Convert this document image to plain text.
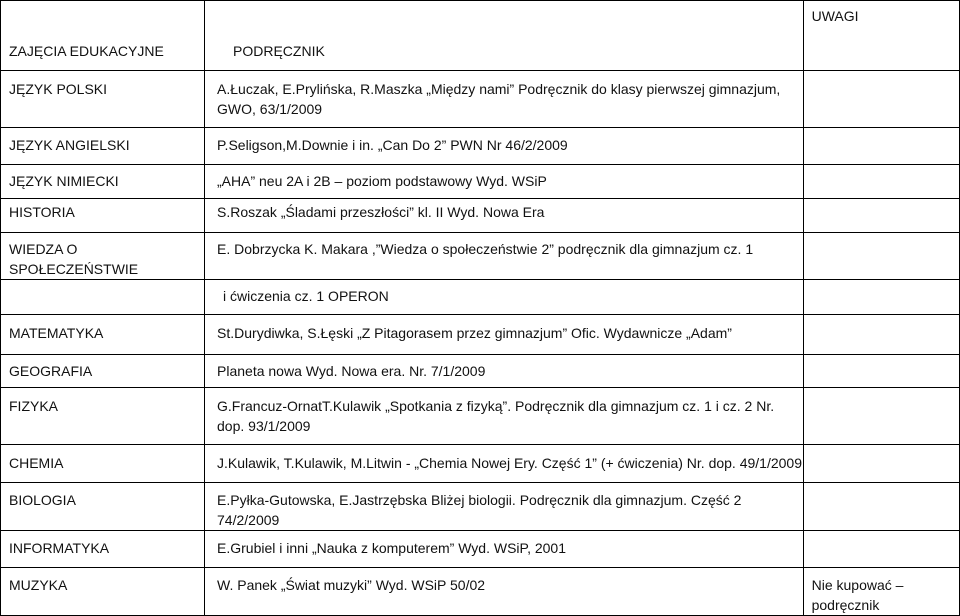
ZAJĘCIA EDUKACYJNE	PODRĘCZNIK	UWAGI
JĘZYK POLSKI	A.Łuczak, E.Prylińska, R.Maszka „Między nami” Podręcznik do klasy pierwszej gimnazjum, GWO, 63/1/2009	
JĘZYK ANGIELSKI	P.Seligson,M.Downie i in. „Can Do 2” PWN Nr 46/2/2009	
JĘZYK NIMIECKI	„AHA” neu 2A i 2B – poziom podstawowy Wyd. WSiP	
HISTORIA	S.Roszak „Śladami przeszłości” kl. II Wyd. Nowa Era	
WIEDZA O SPOŁECZEŃSTWIE	E. Dobrzycka K. Makara ,”Wiedza o społeczeństwie 2” podręcznik dla gimnazjum cz. 1	
	i ćwiczenia cz. 1 OPERON	
MATEMATYKA	St.Durydiwka, S.Łęski „Z Pitagorasem przez gimnazjum” Ofic. Wydawnicze „Adam”	
GEOGRAFIA	Planeta nowa Wyd. Nowa era. Nr. 7/1/2009	
FIZYKA	G.Francuz-OrnatT.Kulawik „Spotkania z fizyką”. Podręcznik dla gimnazjum cz. 1 i cz. 2 Nr. dop. 93/1/2009	
CHEMIA	J.Kulawik, T.Kulawik, M.Litwin - „Chemia Nowej Ery. Część 1” (+ ćwiczenia) Nr. dop. 49/1/2009	
BIOLOGIA	E.Pyłka-Gutowska, E.Jastrzębska Bliżej biologii. Podręcznik dla gimnazjum. Część 2 74/2/2009	
INFORMATYKA	E.Grubiel i inni „Nauka z komputerem” Wyd. WSiP, 2001	
MUZYKA	W. Panek „Świat muzyki” Wyd. WSiP 50/02	Nie kupować – podręcznik
